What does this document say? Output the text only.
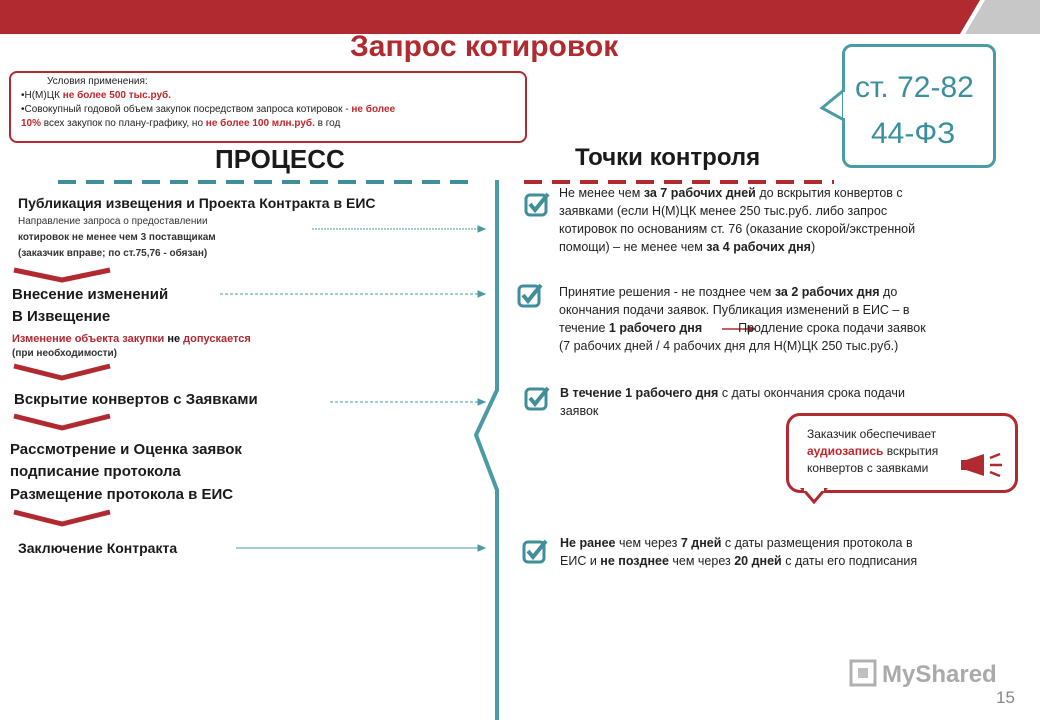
Запрос котировок
Условия применения:
•Н(М)ЦК не более 500 тыс.руб.
•Совокупный годовой объем закупок посредством запроса котировок - не более
10% всех закупок по плану-графику, но не более 100 млн.руб. в год
ст. 72-82
44-ФЗ
ПРОЦЕСС	Точки контроля
Публикация извещения и Проекта Контракта в ЕИС
Направление запроса о предоставлении
котировок не менее чем 3 поставщикам
(заказчик вправе; по ст.75,76 - обязан)
Внесение изменений
В Извещение
Изменение объекта закупки не допускается
(при необходимости)
Вскрытие конвертов с Заявками
Рассмотрение и Оценка заявок
подписание протокола
Размещение протокола в ЕИС
Заключение Контракта
Не менее чем за 7 рабочих дней до вскрытия конвертов с
заявками (если Н(М)ЦК менее 250 тыс.руб. либо запрос
котировок по основаниям ст. 76 (оказание скорой/экстренной
помощи) – не менее чем за 4 рабочих дня)
Принятие решения - не позднее чем за 2 рабочих дня до
окончания подачи заявок. Публикация изменений в ЕИС – в
течение 1 рабочего дня	Продление срока подачи заявок
(7 рабочих дней / 4 рабочих дня для Н(М)ЦК 250 тыс.руб.)
В течение 1 рабочего дня с даты окончания срока подачи
заявок
Не ранее чем через 7 дней с даты размещения протокола в
ЕИС и не позднее чем через 20 дней с даты его подписания
Заказчик обеспечивает
аудиозапись вскрытия
конвертов с заявками
MyShared
15
